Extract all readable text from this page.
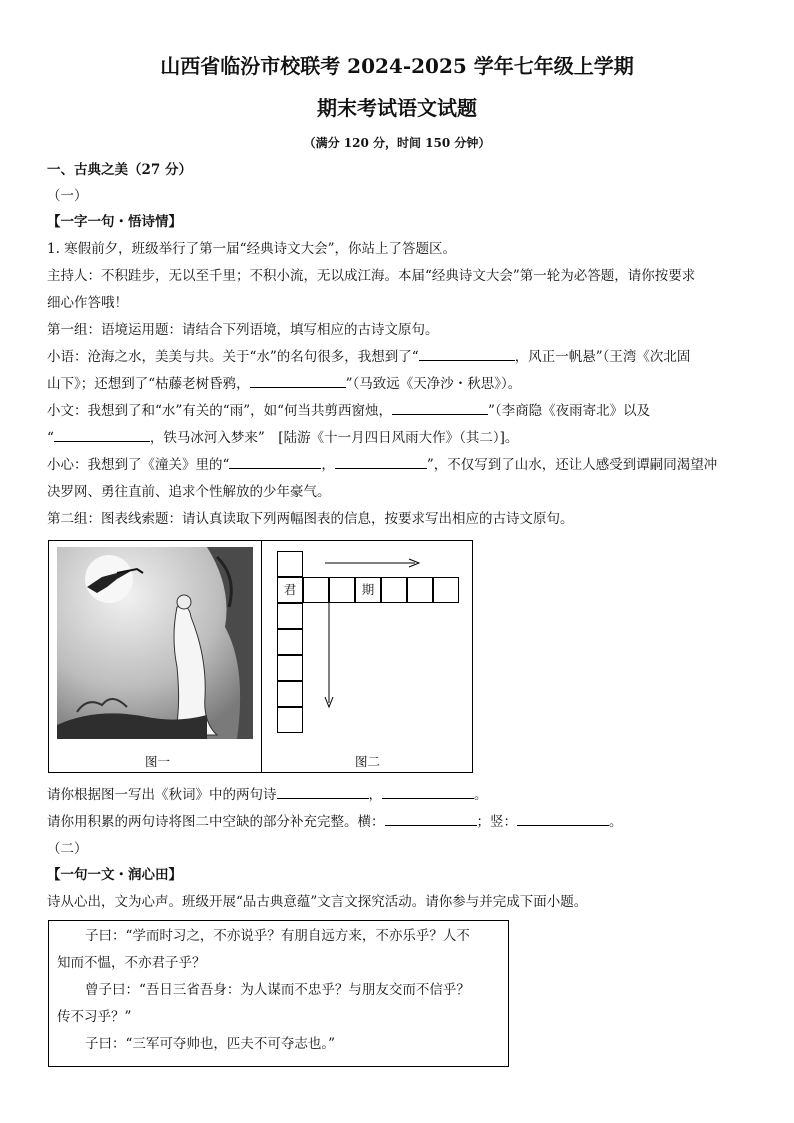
山西省临汾市校联考 2024-2025 学年七年级上学期
期末考试语文试题
（满分 120 分，时间 150 分钟）
一、古典之美（27 分）
（一）
【一字一句・悟诗情】
1. 寒假前夕，班级举行了第一届“经典诗文大会”，你站上了答题区。
主持人：不积跬步，无以至千里；不积小流，无以成江海。本届“经典诗文大会”第一轮为必答题，请你按要求
细心作答哦！
第一组：语境运用题：请结合下列语境，填写相应的古诗文原句。
小语：沧海之水，美美与共。关于“水”的名句很多，我想到了“	，风正一帆悬”（王湾《次北固
山下》；还想到了“枯藤老树昏鸦，	”（马致远《天净沙・秋思》）。
小文：我想到了和“水”有关的“雨”，如“何当共剪西窗烛，	”（李商隐《夜雨寄北》以及
“	，铁马冰河入梦来”　[陆游《十一月四日风雨大作》（其二）]。
小心：我想到了《潼关》里的“	，	”，不仅写到了山水，还让人感受到谭嗣同渴望冲
决罗网、勇往直前、追求个性解放的少年豪气。
第二组：图表线索题：请认真读取下列两幅图表的信息，按要求写出相应的古诗文原句。
图一
君	期
图二
请你根据图一写出《秋词》中的两句诗	，	。
请你用积累的两句诗将图二中空缺的部分补充完整。横：	；竖：	。
（二）
【一句一文・润心田】
诗从心出，文为心声。班级开展“品古典意蕴”文言文探究活动。请你参与并完成下面小题。
子曰：“学而时习之，不亦说乎？有朋自远方来，不亦乐乎？人不
知而不愠，不亦君子乎？
曾子曰：“吾日三省吾身：为人谋而不忠乎？与朋友交而不信乎？
传不习乎？”
子曰：“三军可夺帅也，匹夫不可夺志也。”
